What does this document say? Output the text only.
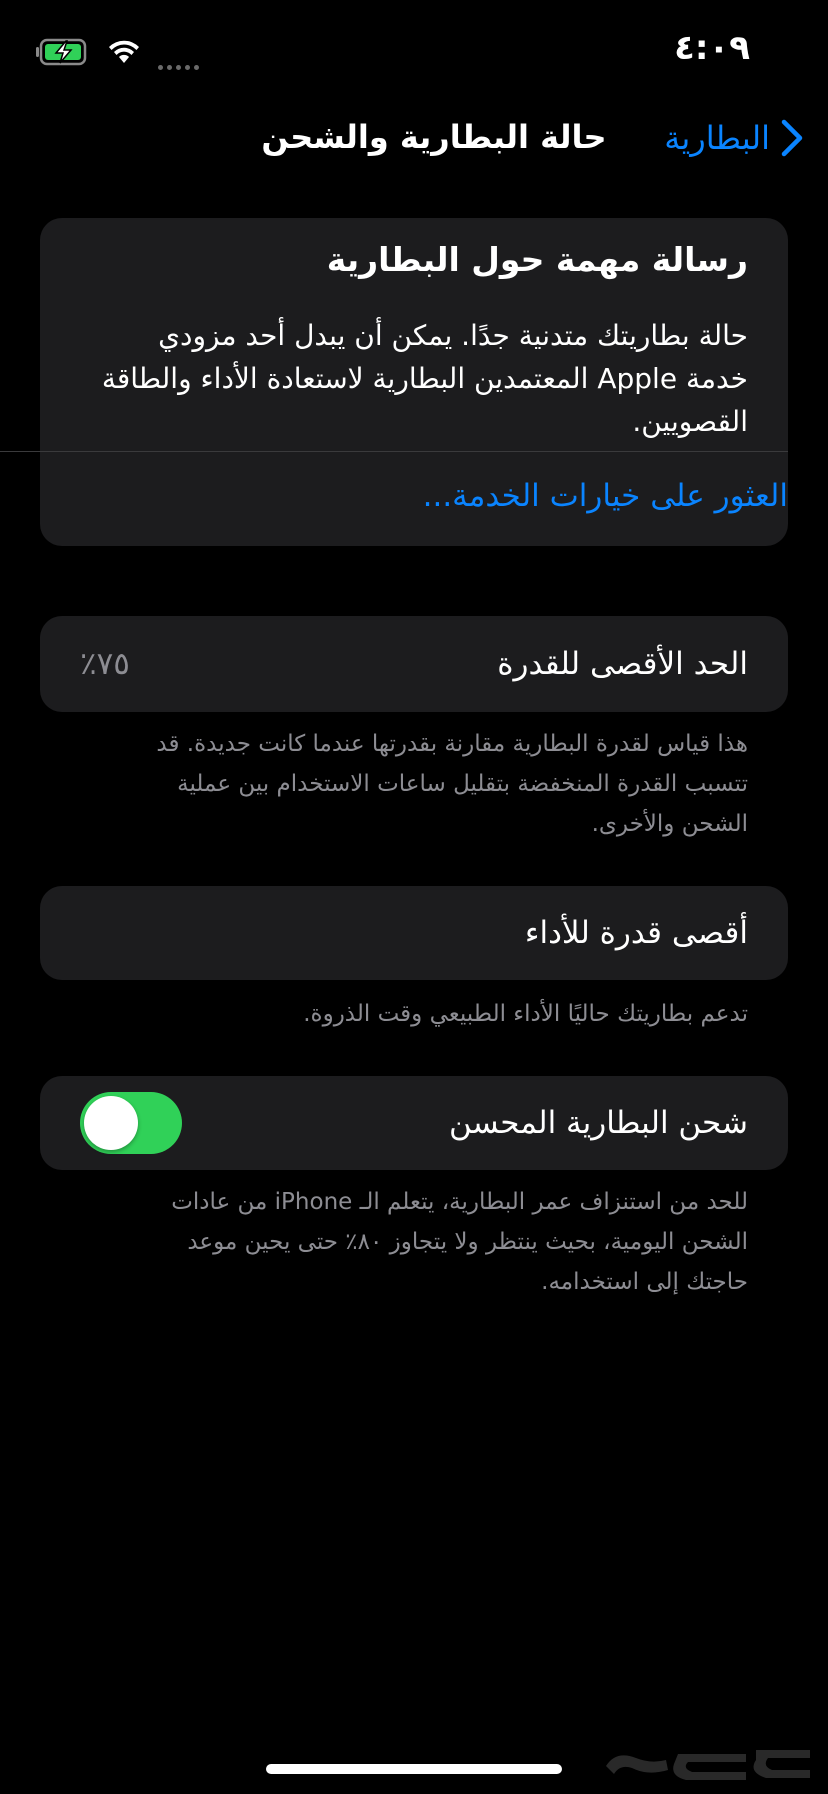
٤:٠٩
البطارية
حالة البطارية والشحن
رسالة مهمة حول البطارية
حالة بطاريتك متدنية جدًا. يمكن أن يبدل أحد مزودي خدمة Apple المعتمدين البطارية لاستعادة الأداء والطاقة القصويين.
العثور على خيارات الخدمة...
الحد الأقصى للقدرة
٧٥٪
هذا قياس لقدرة البطارية مقارنة بقدرتها عندما كانت جديدة. قد تتسبب القدرة المنخفضة بتقليل ساعات الاستخدام بين عملية الشحن والأخرى.
أقصى قدرة للأداء
تدعم بطاريتك حاليًا الأداء الطبيعي وقت الذروة.
شحن البطارية المحسن
للحد من استنزاف عمر البطارية، يتعلم الـ iPhone من عادات الشحن اليومية، بحيث ينتظر ولا يتجاوز ٨٠٪ حتى يحين موعد حاجتك إلى استخدامه.
